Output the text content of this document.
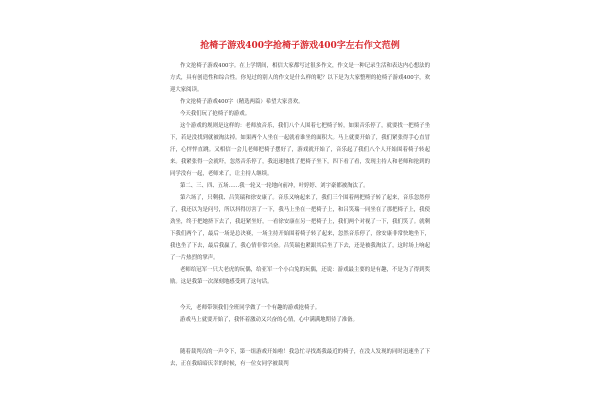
抢椅子游戏400字抢椅子游戏400字左右作文范例

作文抢椅子游戏400字。在上学期间，相信大家都写过很多作文，作文是一种记录生活和表达内心想法的方式，具有创造性和综合性。你见过的别人的作文是什么样的呢？以下是为大家整理的抢椅子游戏400字，欢迎大家阅读。

作文抢椅子游戏400字（精选两篇）希望大家喜欢。

今天我们玩了抢椅子的游戏。

这个游戏的规则是这样的：老师放音乐，我们八个人围着七把椅子转，如果音乐停了，就要找一把椅子坐下，若是没找到就被淘汰掉。如果两个人坐在一起就看谁坐的面积大。马上就要开始了，我们紧张得手心直冒汗，心怦怦直跳。又相信一会儿老师把椅子摆好了，游戏就开始了，音乐起了我们八个人开始围着椅子转起来。我紧张得一会就吓，忽然音乐停了，我迅速地找了把椅子坐下，四下看了看，发现主持人和老师和抢到的同学没有一起，老师来了，让主持人继续。

第二、三、四、五场……我一轮又一轮地向前冲，叶婷婷、刘宇豪都被淘汰了。

第六场了，只剩我、吕笑瑞和徐安康了。音乐又响起来了，我们三个围着两把椅子转了起来，音乐忽然停了，我还以为是问号，所以抖得厉害了一下，我马上坐在一把椅子上，和吕笑瑞一同坐在了那把椅子上，我使劲坐，终于把她挤下去了，我赶紧坐好，一看徐安康在另一把椅子上，我们两个对视了一下，我们笑了。就剩下我们两个了，最后一场是总决赛，一场主持开始围着椅子转了起来，忽然音乐停了，徐安康非常快地坐下，我也坐了下去，最后我赢了，我心情非常兴奋。吕笑瑞也紧跟其后坐了下去，还是被我淘汰了，这时场上响起了一片热烈的掌声。

老师给冠军一只大老虎的玩偶，给亚军一个小白兔的玩偶，还说：游戏最主要的是有趣，不是为了得到奖励。这是我第一次深刻地感受到了这句话。

今天，老师带领我们全班同学做了一个有趣的游戏抢椅子。

游戏马上就要开始了，我怀着激动又兴奋的心情，心中满满地期待了准备。

随着裁判员的一声令下，第一组游戏开始啦！我急忙寻找离我最近的椅子，在没人发现的同时迅速坐了下去，正在我暗暗庆幸的时候，有一位女同学被裁判
